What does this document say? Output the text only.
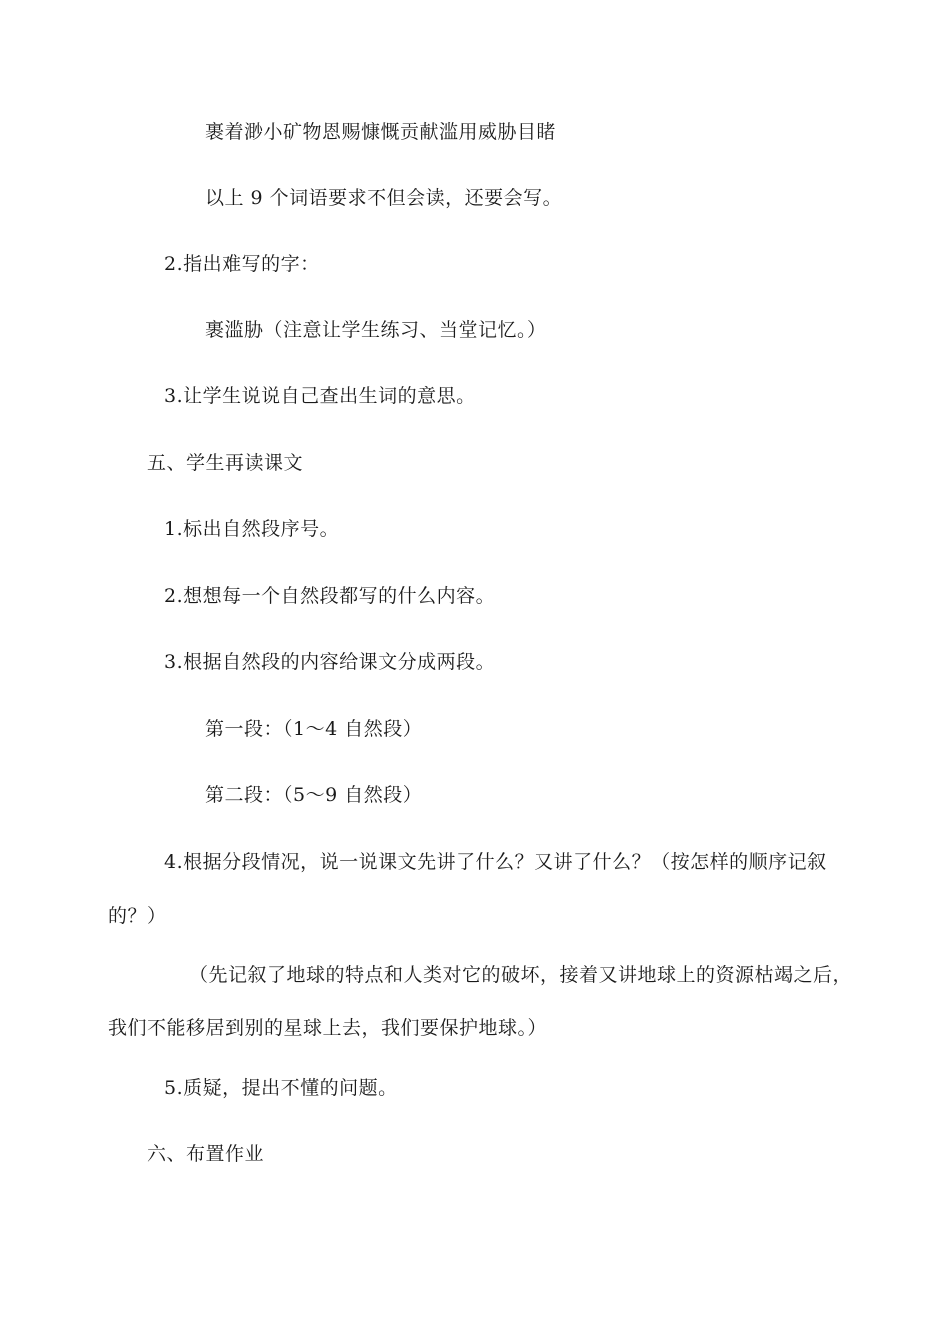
裹着渺小矿物恩赐慷慨贡献滥用威胁目睹
以上 9 个词语要求不但会读，还要会写。
2.指出难写的字：
裹滥胁（注意让学生练习、当堂记忆。）
3.让学生说说自己查出生词的意思。
五、学生再读课文
1.标出自然段序号。
2.想想每一个自然段都写的什么内容。
3.根据自然段的内容给课文分成两段。
第一段：（1～4 自然段）
第二段：（5～9 自然段）
4.根据分段情况，说一说课文先讲了什么？又讲了什么？（按怎样的顺序记叙
的？）
（先记叙了地球的特点和人类对它的破坏，接着又讲地球上的资源枯竭之后，
我们不能移居到别的星球上去，我们要保护地球。）
5.质疑，提出不懂的问题。
六、布置作业
